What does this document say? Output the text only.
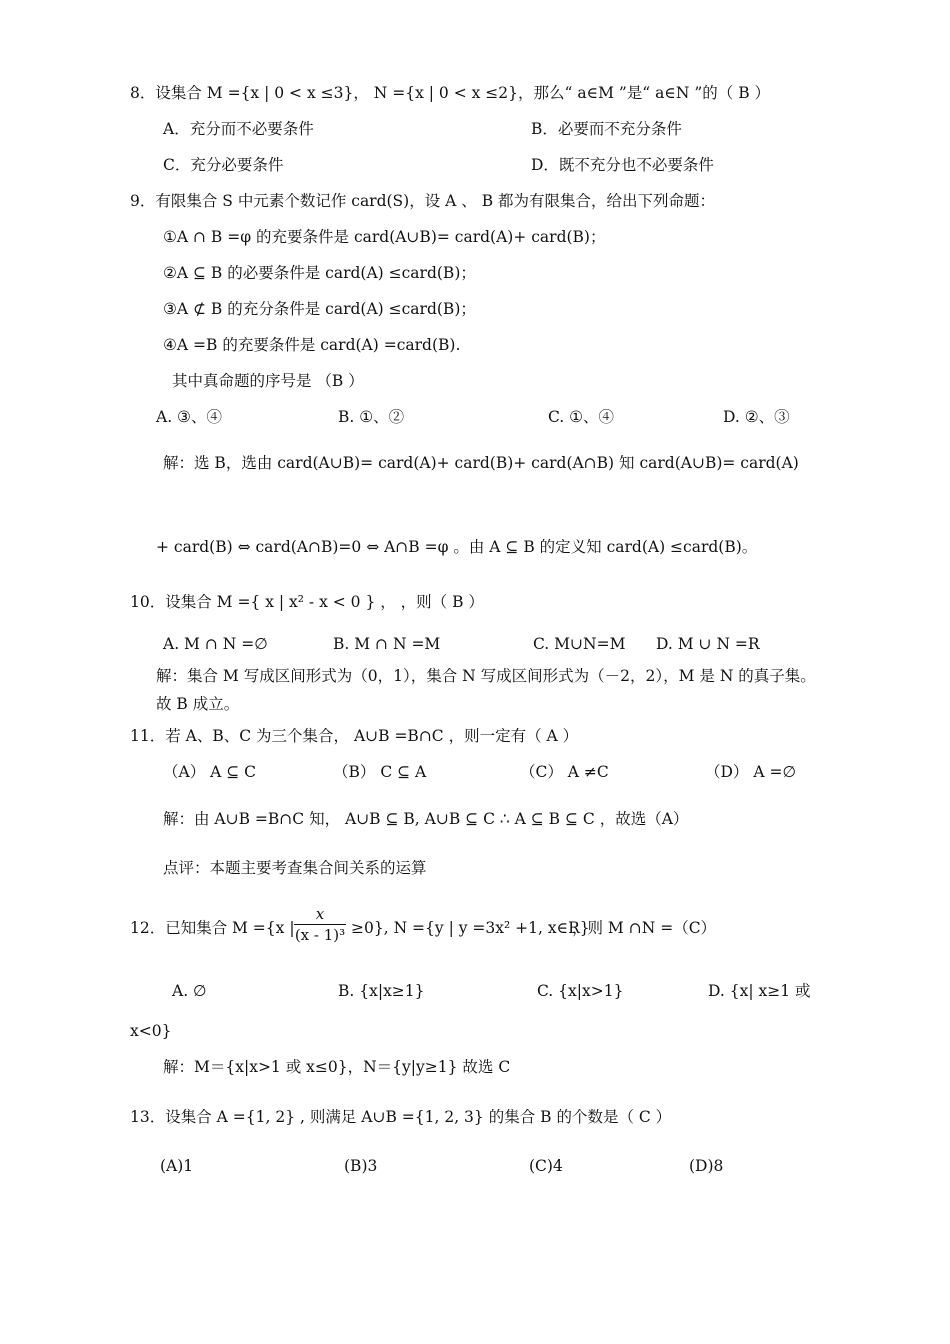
8．设集合 M ={x | 0 < x ≤3}， N ={x | 0 < x ≤2}，那么“ a∈M ”是“ a∈N ”的（ B ）
A．充分而不必要条件	B．必要而不充分条件
C．充分必要条件	D．既不充分也不必要条件
9．有限集合 S 中元素个数记作 card(S)，设 A 、 B 都为有限集合，给出下列命题：
①A ∩ B =φ 的充要条件是 card(A∪B)= card(A)+ card(B)；
②A ⊆ B 的必要条件是 card(A) ≤card(B)；
③A ⊄ B 的充分条件是 card(A) ≤card(B)；
④A =B 的充要条件是 card(A) =card(B).
其中真命题的序号是 （B ）
A. ③、④	B. ①、②	C. ①、④	D. ②、③
解：选 B，选由 card(A∪B)= card(A)+ card(B)+ card(A∩B) 知 card(A∪B)= card(A)
+ card(B) ⇔ card(A∩B)=0 ⇔ A∩B =φ 。由 A ⊆ B 的定义知 card(A) ≤card(B)。
10．设集合 M ={ x | x² - x < 0 } ， ，则（ B ）
A. M ∩ N =∅	B. M ∩ N =M	C. M∪N=M D. M ∪ N =R
解：集合 M 写成区间形式为（0，1），集合 N 写成区间形式为（－2，2），M 是 N 的真子集。
故 B 成立。
11．若 A、B、C 为三个集合， A∪B =B∩C ，则一定有（ A ）
（A） A ⊆ C	（B） C ⊆ A	（C） A ≠C	（D） A =∅
解：由 A∪B =B∩C 知， A∪B ⊆ B, A∪B ⊆ C ∴ A ⊆ B ⊆ C ，故选（A）
点评：本题主要考查集合间关系的运算
12．已知集合 M ={x |
x
(x - 1)³ ≥0}, N ={y | y =3x² +1, x∈R}
，则 M ∩N =（C）
A. ∅	B. {x|x≥1}	C. {x|x>1}	D. {x| x≥1 或
x<0}
解：M＝{x|x>1 或 x≤0}，N＝{y|y≥1} 故选 C
13．设集合 A ={1, 2} , 则满足 A∪B ={1, 2, 3} 的集合 B 的个数是（ C ）
(A)1	(B)3	(C)4	(D)8
